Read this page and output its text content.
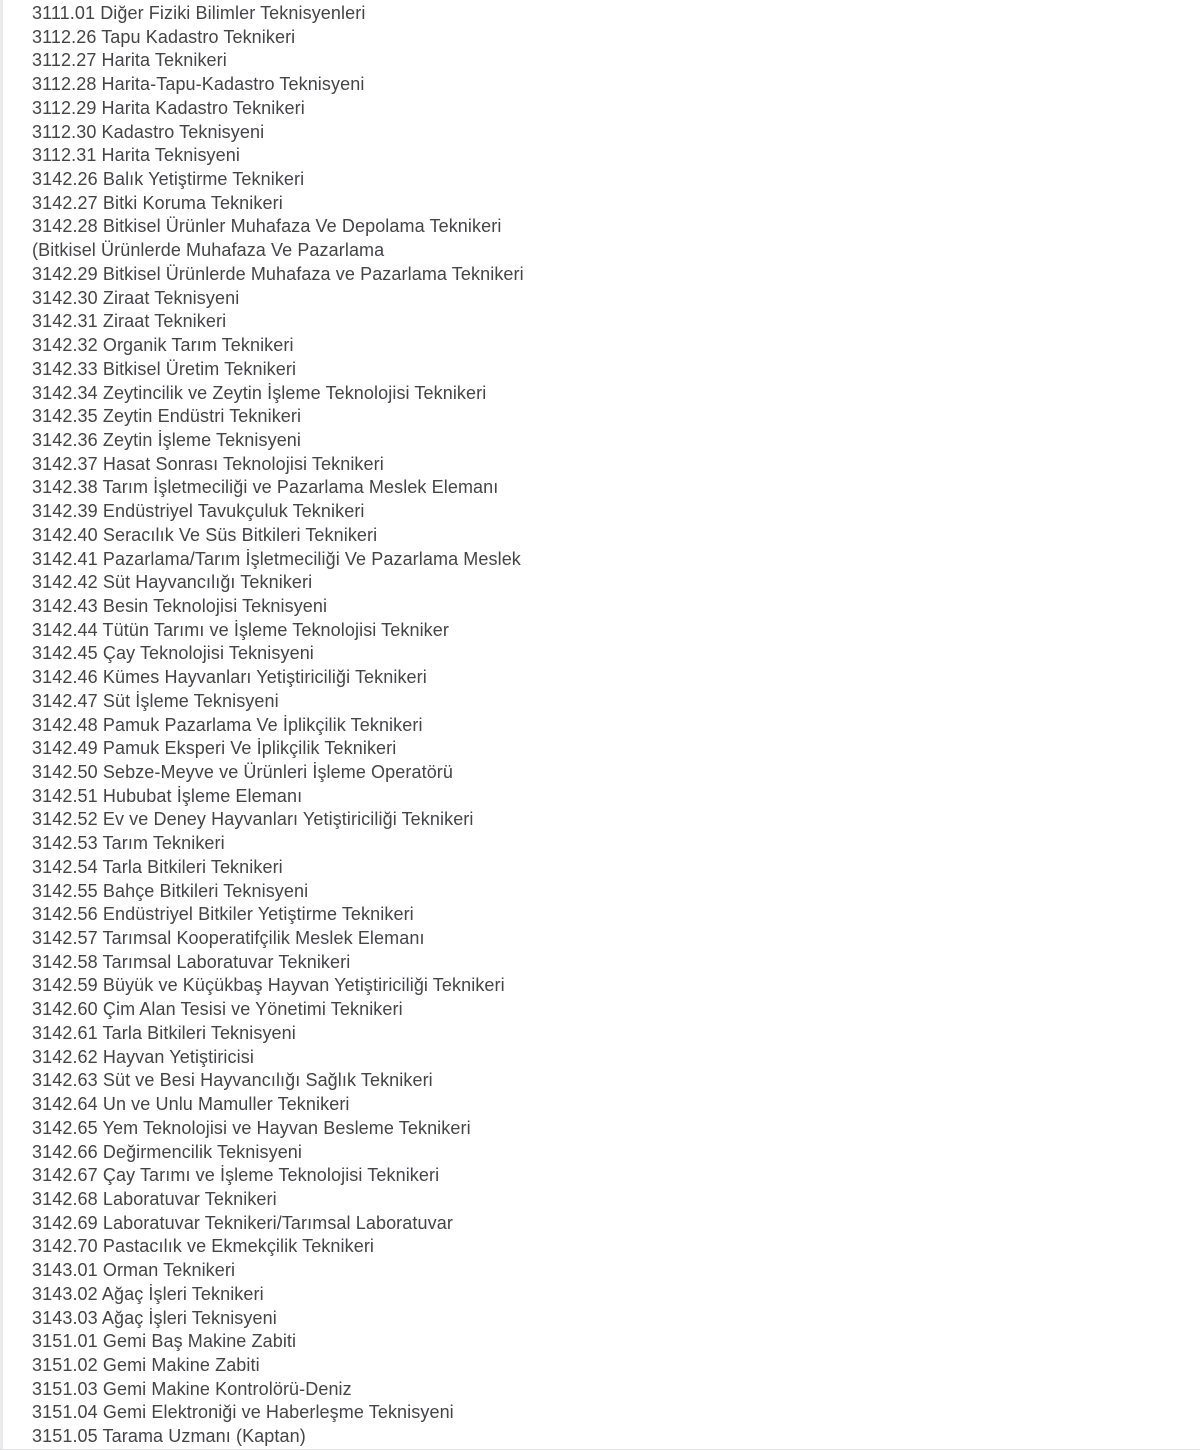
3111.01 Diğer Fiziki Bilimler Teknisyenleri
3112.26 Tapu Kadastro Teknikeri
3112.27 Harita Teknikeri
3112.28 Harita-Tapu-Kadastro Teknisyeni
3112.29 Harita Kadastro Teknikeri
3112.30 Kadastro Teknisyeni
3112.31 Harita Teknisyeni
3142.26 Balık Yetiştirme Teknikeri
3142.27 Bitki Koruma Teknikeri
3142.28 Bitkisel Ürünler Muhafaza Ve Depolama Teknikeri
(Bitkisel Ürünlerde Muhafaza Ve Pazarlama
3142.29 Bitkisel Ürünlerde Muhafaza ve Pazarlama Teknikeri
3142.30 Ziraat Teknisyeni
3142.31 Ziraat Teknikeri
3142.32 Organik Tarım Teknikeri
3142.33 Bitkisel Üretim Teknikeri
3142.34 Zeytincilik ve Zeytin İşleme Teknolojisi Teknikeri
3142.35 Zeytin Endüstri Teknikeri
3142.36 Zeytin İşleme Teknisyeni
3142.37 Hasat Sonrası Teknolojisi Teknikeri
3142.38 Tarım İşletmeciliği ve Pazarlama Meslek Elemanı
3142.39 Endüstriyel Tavukçuluk Teknikeri
3142.40 Seracılık Ve Süs Bitkileri Teknikeri
3142.41 Pazarlama/Tarım İşletmeciliği Ve Pazarlama Meslek
3142.42 Süt Hayvancılığı Teknikeri
3142.43 Besin Teknolojisi Teknisyeni
3142.44 Tütün Tarımı ve İşleme Teknolojisi Tekniker
3142.45 Çay Teknolojisi Teknisyeni
3142.46 Kümes Hayvanları Yetiştiriciliği Teknikeri
3142.47 Süt İşleme Teknisyeni
3142.48 Pamuk Pazarlama Ve İplikçilik Teknikeri
3142.49 Pamuk Eksperi Ve İplikçilik Teknikeri
3142.50 Sebze-Meyve ve Ürünleri İşleme Operatörü
3142.51 Hububat İşleme Elemanı
3142.52 Ev ve Deney Hayvanları Yetiştiriciliği Teknikeri
3142.53 Tarım Teknikeri
3142.54 Tarla Bitkileri Teknikeri
3142.55 Bahçe Bitkileri Teknisyeni
3142.56 Endüstriyel Bitkiler Yetiştirme Teknikeri
3142.57 Tarımsal Kooperatifçilik Meslek Elemanı
3142.58 Tarımsal Laboratuvar Teknikeri
3142.59 Büyük ve Küçükbaş Hayvan Yetiştiriciliği Teknikeri
3142.60 Çim Alan Tesisi ve Yönetimi Teknikeri
3142.61 Tarla Bitkileri Teknisyeni
3142.62 Hayvan Yetiştiricisi
3142.63 Süt ve Besi Hayvancılığı Sağlık Teknikeri
3142.64 Un ve Unlu Mamuller Teknikeri
3142.65 Yem Teknolojisi ve Hayvan Besleme Teknikeri
3142.66 Değirmencilik Teknisyeni
3142.67 Çay Tarımı ve İşleme Teknolojisi Teknikeri
3142.68 Laboratuvar Teknikeri
3142.69 Laboratuvar Teknikeri/Tarımsal Laboratuvar
3142.70 Pastacılık ve Ekmekçilik Teknikeri
3143.01 Orman Teknikeri
3143.02 Ağaç İşleri Teknikeri
3143.03 Ağaç İşleri Teknisyeni
3151.01 Gemi Baş Makine Zabiti
3151.02 Gemi Makine Zabiti
3151.03 Gemi Makine Kontrolörü-Deniz
3151.04 Gemi Elektroniği ve Haberleşme Teknisyeni
3151.05 Tarama Uzmanı (Kaptan)
